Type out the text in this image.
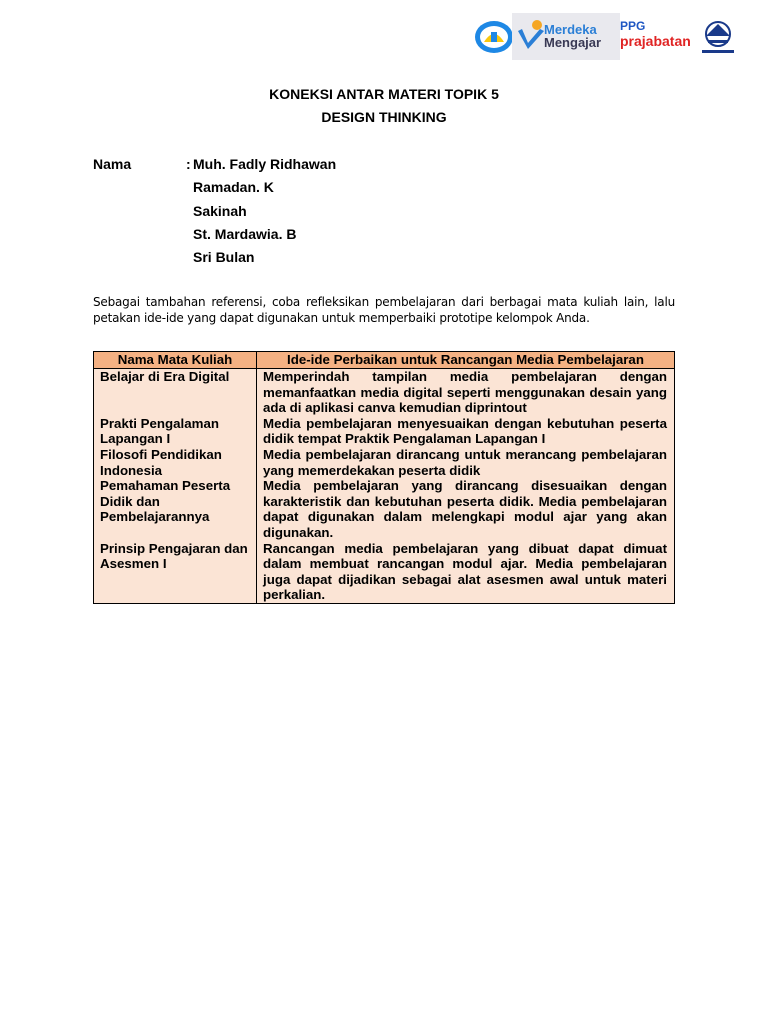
Merdeka
Mengajar
PPG
prajabatan
KONEKSI ANTAR MATERI TOPIK 5
DESIGN THINKING
Nama	: Muh. Fadly Ridhawan
Ramadan. K
Sakinah
St. Mardawia. B
Sri Bulan
Sebagai tambahan referensi, coba refleksikan pembelajaran dari berbagai mata kuliah lain, lalu petakan ide-ide yang dapat digunakan untuk memperbaiki prototipe kelompok Anda.
Nama Mata Kuliah	Ide-ide Perbaikan untuk Rancangan Media Pembelajaran
Belajar di Era Digital	Memperindah tampilan media pembelajaran dengan memanfaatkan media digital seperti menggunakan desain yang ada di aplikasi canva kemudian diprintout
Prakti Pengalaman Lapangan I	Media pembelajaran menyesuaikan dengan kebutuhan peserta didik tempat Praktik Pengalaman Lapangan I
Filosofi Pendidikan Indonesia	Media pembelajaran dirancang untuk merancang pembelajaran yang memerdekakan peserta didik
Pemahaman Peserta Didik dan Pembelajarannya	Media pembelajaran yang dirancang disesuaikan dengan karakteristik dan kebutuhan peserta didik. Media pembelajaran dapat digunakan dalam melengkapi modul ajar yang akan digunakan.
Prinsip Pengajaran dan Asesmen I	Rancangan media pembelajaran yang dibuat dapat dimuat dalam membuat rancangan modul ajar. Media pembelajaran juga dapat dijadikan sebagai alat asesmen awal untuk materi perkalian.
